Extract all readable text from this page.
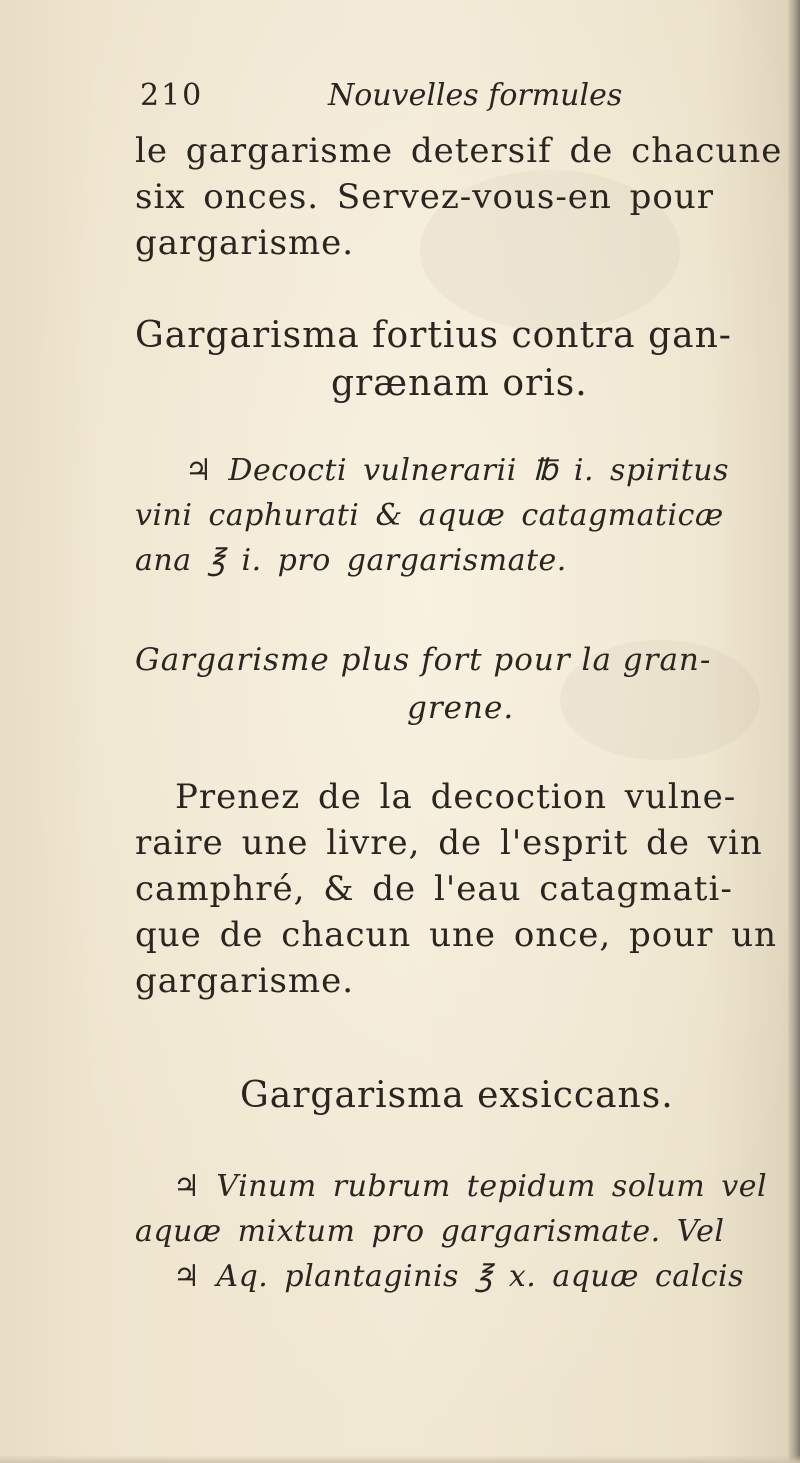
210	Nouvelles formules
le gargarisme detersif de chacune
six onces. Servez-vous-en pour
gargarisme.
Gargarisma fortius contra gan-
grænam oris.
♃ Decocti vulnerarii ℔ i. spiritus
vini caphurati & aquæ catagmaticæ
ana ℥ i. pro gargarismate.
Gargarisme plus fort pour la gran-
grene.
Prenez de la decoction vulne-
raire une livre, de l'esprit de vin
camphré, & de l'eau catagmati-
que de chacun une once, pour un
gargarisme.
Gargarisma exsiccans.
♃ Vinum rubrum tepidum solum vel
aquæ mixtum pro gargarismate. Vel
♃ Aq. plantaginis ℥ x. aquæ calcis
